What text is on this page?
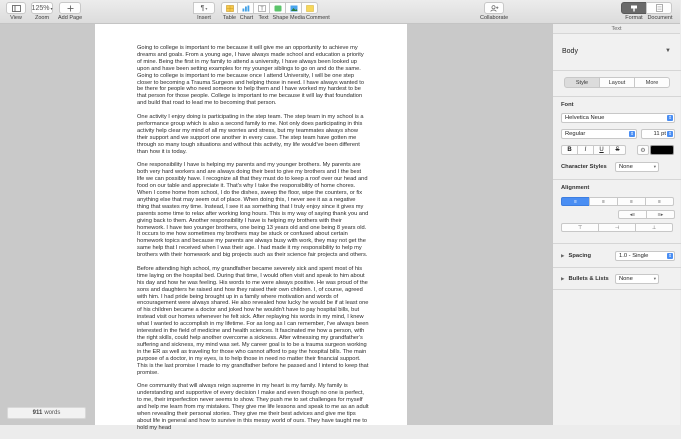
View
125% ▾
Zoom Add Page
¶ ▾	T
Insert	Table Chart Text Shape Media Comment	Collaborate	Format Document

Going to college is important to me because it will give me an opportunity to achieve my dreams and goals. From a young age, I have always made school and education a priority of mine. Being the first in my family to attend a university, I have always been looked up upon and have been setting examples for my younger siblings to go on and do the same. Going to college is important to me because once I attend University, I will be one step closer to becoming a Trauma Surgeon and helping those in need. I have always wanted to be there for people who need someone to help them and I have worked my hardest to be that person for those people. College is important to me because it will lay that foundation and build that road to lead me to becoming that person.

One activity I enjoy doing is participating in the step team. The step team in my school is a performance group which is also a second family to me. Not only does participating in this activity help clear my mind of all my worries and stress, but my teammates always show their support and we support one another in every case. The step team have gotten me through so many tough situations and without this activity, my life would've been different than how it is today.

One responsibility I have is helping my parents and my younger brothers. My parents are both very hard workers and are always doing their best to give my brothers and I the best life we can possibly have. I recognize all that they must do to keep a roof over our head and food on our table and appreciate it. That's why I take the responsibility of home chores. When I come home from school, I do the dishes, sweep the floor, wipe the counters, or fix anything else that may seem out of place. When doing this, I never see it as a negative thing that wastes my time. Instead, I see it as something that I truly enjoy since it gives my parents some time to relax after working long hours. This is my way of saying thank you and giving back to them. Another responsibility I have is helping my brothers with their homework. I have two younger brothers, one being 13 years old and one being 8 years old. It occurs to me how sometimes my brothers may be stuck or confused about certain homework topics and because my parents are always busy with work, they may not get the same help that I received when I was their age. I had made it my responsibility to help my brothers with their homework and big projects such as their science fair projects and others.

Before attending high school, my grandfather became severely sick and spent most of his time laying on the hospital bed. During that time, I would often visit and speak to him about his day and how he was feeling. His words to me were always positive. He was proud of the sons and daughters he raised and how they raised their own children. I, of course, agreed with him. I had pride being brought up in a family where motivation and words of encouragement were always shared. He also revealed how lucky he would be if at least one of his children became a doctor and joked how he wouldn't have to pay hospital bills, but instead visit our homes whenever he felt sick. After replaying his words in my mind, I knew what I wanted to accomplish in my lifetime. For as long as I can remember, I've always been interested in the field of medicine and health sciences. It fascinated me how a person, with the right skills, could help another overcome a sickness. After witnessing my grandfather's suffering and sickness, my mind was set. My career goal is to be a trauma surgeon working in the ER as well as traveling for those who cannot afford to pay the hospital bills. The main purpose of a doctor, in my eyes, is to help those in need no matter their financial support. This is the last promise I made to my grandfather before he passed and I intend to keep that promise.

One community that will always reign supreme in my heart is my family. My family is understanding and supportive of every decision I make and even though no one is perfect, to me, their imperfection never seems to show. They push me to set challenges for myself and help me learn from my mistakes. They give me life lessons and speak to me as an adult when revealing their personal stories. They give me their best advices and give me tips about life in general and how to survive in this messy world of ours. They have taught me to hold my head

911 words
Text
Body	▼
Style	Layout	More
Font
Helvetica Neue	⇕
Regular	⇕	11 pt ⇕
B	I	U	S	⚙
Character Styles None	▾
Alignment
≡	≡	≡	≡
◂≡	≡▸
⊤	⊣	⊥
▶ Spacing	1.0 - Single	⇕
▶ Bullets & Lists None	▾
